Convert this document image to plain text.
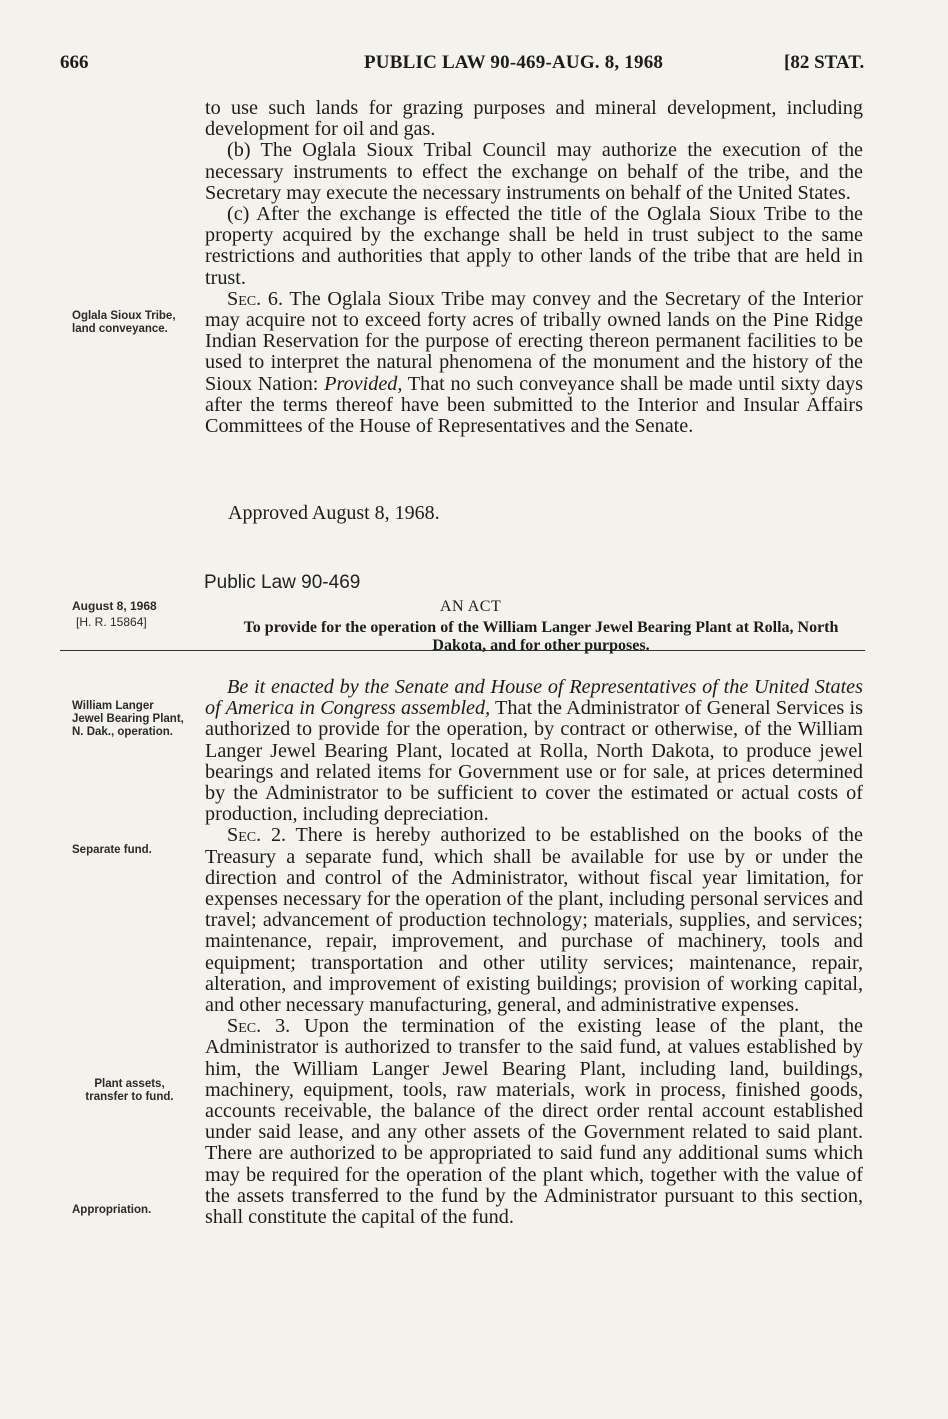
666	PUBLIC LAW 90-469-AUG. 8, 1968	[82 STAT.

to use such lands for grazing purposes and mineral development, including development for oil and gas.

(b) The Oglala Sioux Tribal Council may authorize the execution of the necessary instruments to effect the exchange on behalf of the tribe, and the Secretary may execute the necessary instruments on behalf of the United States.

(c) After the exchange is effected the title of the Oglala Sioux Tribe to the property acquired by the exchange shall be held in trust subject to the same restrictions and authorities that apply to other lands of the tribe that are held in trust.

Sec. 6. The Oglala Sioux Tribe may convey and the Secretary of the Interior may acquire not to exceed forty acres of tribally owned lands on the Pine Ridge Indian Reservation for the purpose of erecting thereon permanent facilities to be used to interpret the natural phenomena of the monument and the history of the Sioux Nation: Provided, That no such conveyance shall be made until sixty days after the terms thereof have been submitted to the Interior and Insular Affairs Committees of the House of Representatives and the Senate.

Oglala Sioux Tribe, land conveyance.
Approved August 8, 1968.
Public Law 90-469
August 8, 1968
[H. R. 15864]
AN ACT
To provide for the operation of the William Langer Jewel Bearing Plant at Rolla, North Dakota, and for other purposes.

Be it enacted by the Senate and House of Representatives of the United States of America in Congress assembled, That the Administrator of General Services is authorized to provide for the operation, by contract or otherwise, of the William Langer Jewel Bearing Plant, located at Rolla, North Dakota, to produce jewel bearings and related items for Government use or for sale, at prices determined by the Administrator to be sufficient to cover the estimated or actual costs of production, including depreciation.

Sec. 2. There is hereby authorized to be established on the books of the Treasury a separate fund, which shall be available for use by or under the direction and control of the Administrator, without fiscal year limitation, for expenses necessary for the operation of the plant, including personal services and travel; advancement of production technology; materials, supplies, and services; maintenance, repair, improvement, and purchase of machinery, tools and equipment; transportation and other utility services; maintenance, repair, alteration, and improvement of existing buildings; provision of working capital, and other necessary manufacturing, general, and administrative expenses.

Sec. 3. Upon the termination of the existing lease of the plant, the Administrator is authorized to transfer to the said fund, at values established by him, the William Langer Jewel Bearing Plant, including land, buildings, machinery, equipment, tools, raw materials, work in process, finished goods, accounts receivable, the balance of the direct order rental account established under said lease, and any other assets of the Government related to said plant. There are authorized to be appropriated to said fund any additional sums which may be required for the operation of the plant which, together with the value of the assets transferred to the fund by the Administrator pursuant to this section, shall constitute the capital of the fund.

William Langer Jewel Bearing Plant, N. Dak., operation.
Separate fund.
Plant assets, transfer to fund.
Appropriation.
